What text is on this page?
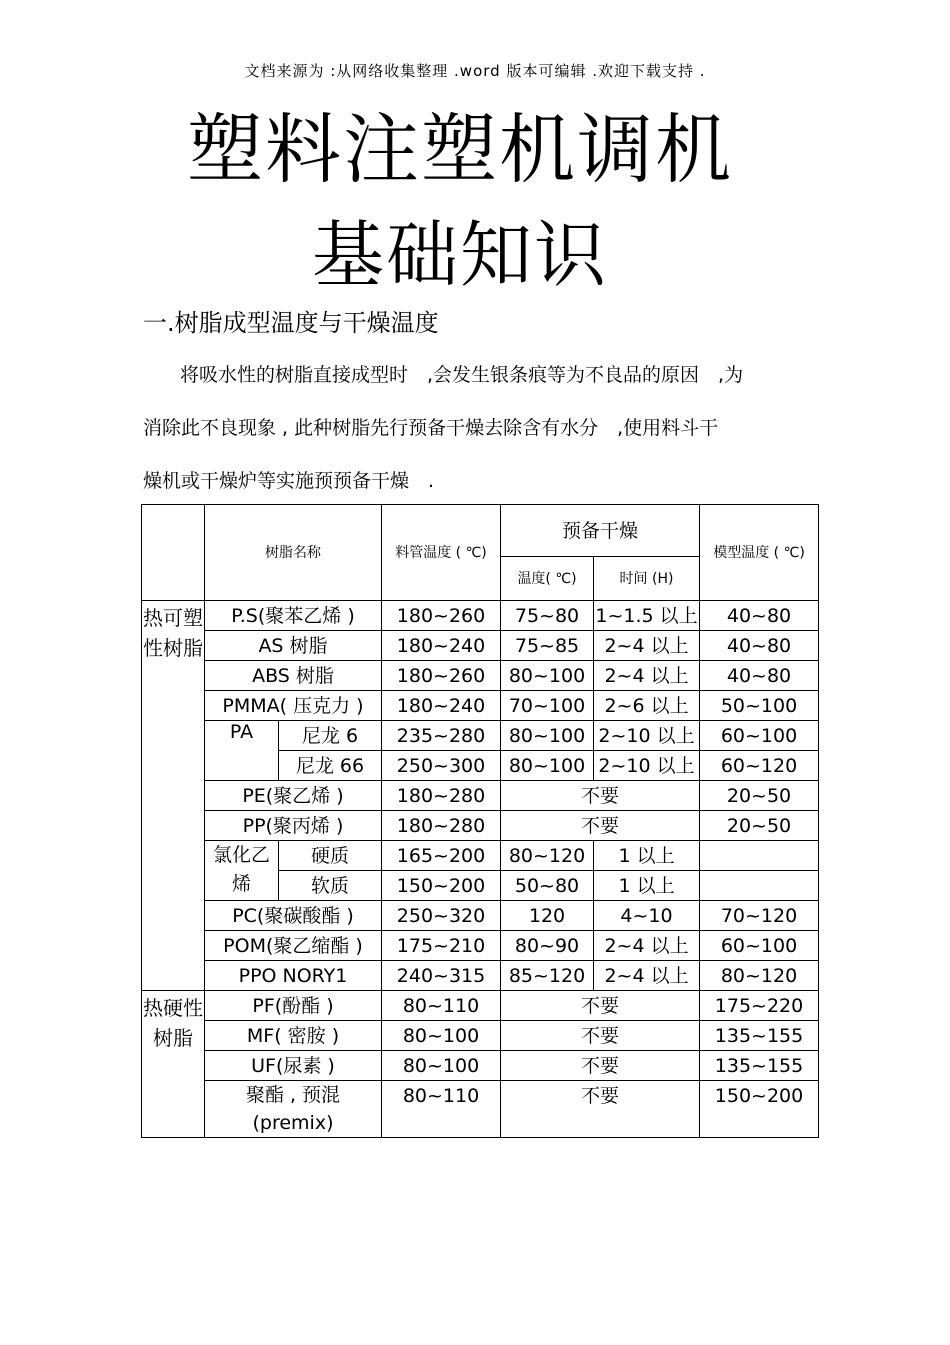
文档来源为 :从网络收集整理 .word 版本可编辑 .欢迎下载支持 .
塑料注塑机调机
基础知识
一.树脂成型温度与干燥温度
将吸水性的树脂直接成型时　,会发生银条痕等为不良品的原因　,为
消除此不良现象 , 此种树脂先行预备干燥去除含有水分　,使用料斗干
燥机或干燥炉等实施预预备干燥　.
	树脂名称		料管温度 ( ℃)	预备干燥		模型温度 ( ℃)
				温度( ℃)	时间 (H)	
热可塑性树脂	P.S(聚苯乙烯 )		180~260	75~80	1~1.5 以上	40~80
	AS 树脂		180~240	75~85	2~4 以上	40~80
	ABS 树脂		180~260	80~100	2~4 以上	40~80
	PMMA( 压克力 )		180~240	70~100	2~6 以上	50~100
	PA	尼龙 6	235~280	80~100	2~10 以上	60~100
		尼龙 66	250~300	80~100	2~10 以上	60~120
	PE(聚乙烯 )		180~280	不要		20~50
	PP(聚丙烯 )		180~280	不要		20~50
	氯化乙烯	硬质	165~200	80~120	1 以上	
		软质	150~200	50~80	1 以上	
	PC(聚碳酸酯 )		250~320	120	4~10	70~120
	POM(聚乙缩酯 )		175~210	80~90	2~4 以上	60~100
	PPO NORY1		240~315	85~120	2~4 以上	80~120
热硬性树脂	PF(酚酯 )		80~110	不要		175~220
	MF( 密胺 )		80~100	不要		135~155
	UF(尿素 )		80~100	不要		135~155
	聚酯 , 预混 (premix)		80~110	不要		150~200
